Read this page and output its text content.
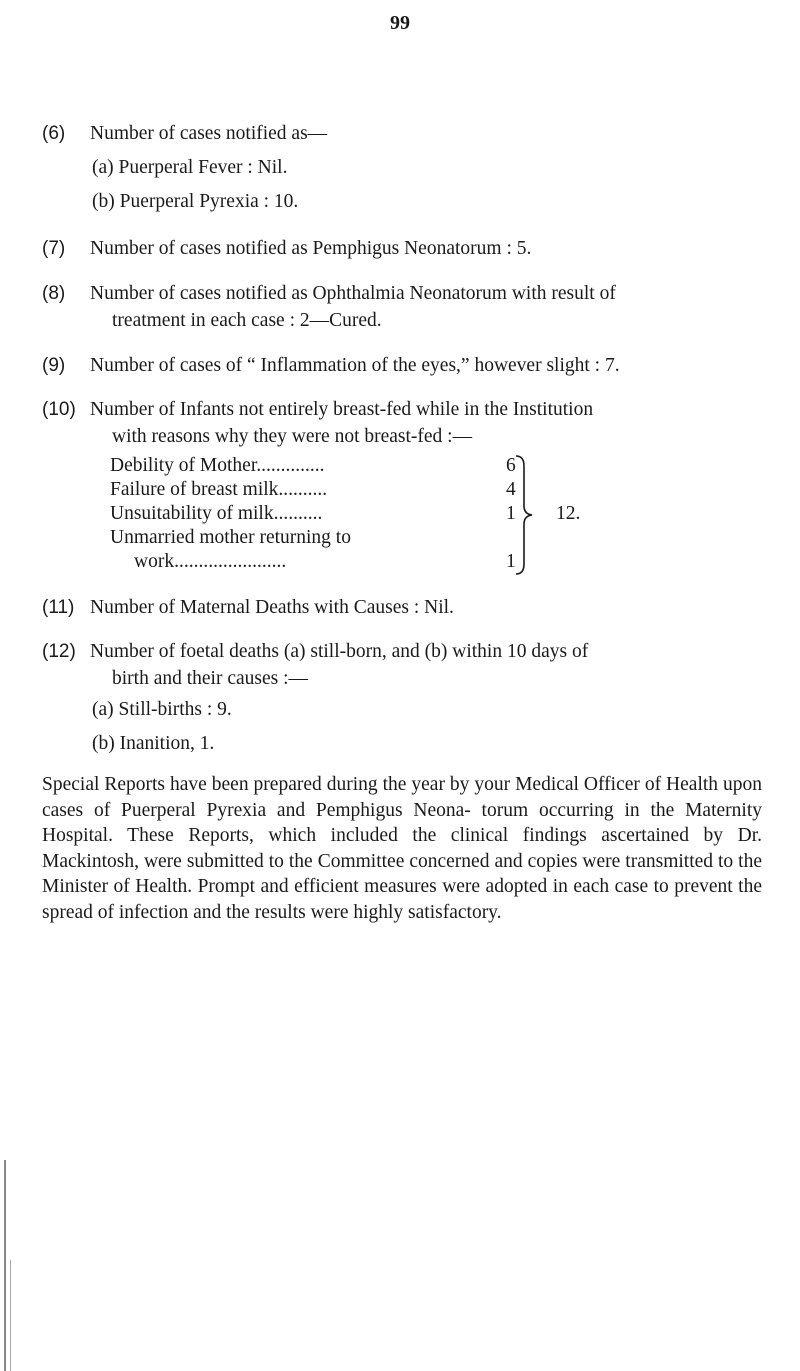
99
(6) Number of cases notified as—
(a) Puerperal Fever : Nil.
(b) Puerperal Pyrexia : 10.
(7) Number of cases notified as Pemphigus Neonatorum : 5.
(8) Number of cases notified as Ophthalmia Neonatorum with result of
treatment in each case : 2—Cured.
(9) Number of cases of “ Inflammation of the eyes,” however slight : 7.
(10) Number of Infants not entirely breast-fed while in the Institution
with reasons why they were not breast-fed :—
Debility of Mother..............	6
Failure of breast milk..........	4
Unsuitability of milk..........	1
Unmarried mother returning to
work.......................	1
12.
(11) Number of Maternal Deaths with Causes : Nil.
(12) Number of foetal deaths (a) still-born, and (b) within 10 days of
birth and their causes :—
(a) Still-births : 9.
(b) Inanition, 1.
Special Reports have been prepared during the year by your Medical Officer of Health upon cases of Puerperal Pyrexia and Pemphigus Neona- torum occurring in the Maternity Hospital. These Reports, which included the clinical findings ascertained by Dr. Mackintosh, were submitted to the Committee concerned and copies were transmitted to the Minister of Health. Prompt and efficient measures were adopted in each case to prevent the spread of infection and the results were highly satisfactory.
